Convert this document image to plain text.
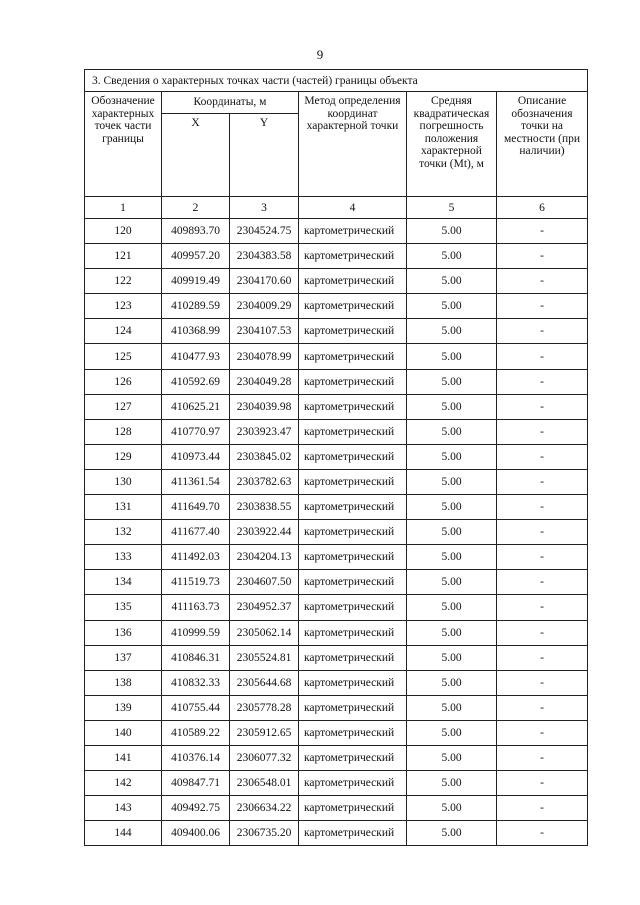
9
3. Сведения о характерных точках части (частей) границы объекта					
Обозначение характерных точек части границы	Координаты, м		Метод определения координат характерной точки	Средняя квадратическая погрешность положения характерной точки (Mt), м	Описание обозначения точки на местности (при наличии)
	X	Y			
1	2	3	4	5	6
120	409893.70	2304524.75	картометрический	5.00	-
121	409957.20	2304383.58	картометрический	5.00	-
122	409919.49	2304170.60	картометрический	5.00	-
123	410289.59	2304009.29	картометрический	5.00	-
124	410368.99	2304107.53	картометрический	5.00	-
125	410477.93	2304078.99	картометрический	5.00	-
126	410592.69	2304049.28	картометрический	5.00	-
127	410625.21	2304039.98	картометрический	5.00	-
128	410770.97	2303923.47	картометрический	5.00	-
129	410973.44	2303845.02	картометрический	5.00	-
130	411361.54	2303782.63	картометрический	5.00	-
131	411649.70	2303838.55	картометрический	5.00	-
132	411677.40	2303922.44	картометрический	5.00	-
133	411492.03	2304204.13	картометрический	5.00	-
134	411519.73	2304607.50	картометрический	5.00	-
135	411163.73	2304952.37	картометрический	5.00	-
136	410999.59	2305062.14	картометрический	5.00	-
137	410846.31	2305524.81	картометрический	5.00	-
138	410832.33	2305644.68	картометрический	5.00	-
139	410755.44	2305778.28	картометрический	5.00	-
140	410589.22	2305912.65	картометрический	5.00	-
141	410376.14	2306077.32	картометрический	5.00	-
142	409847.71	2306548.01	картометрический	5.00	-
143	409492.75	2306634.22	картометрический	5.00	-
144	409400.06	2306735.20	картометрический	5.00	-
